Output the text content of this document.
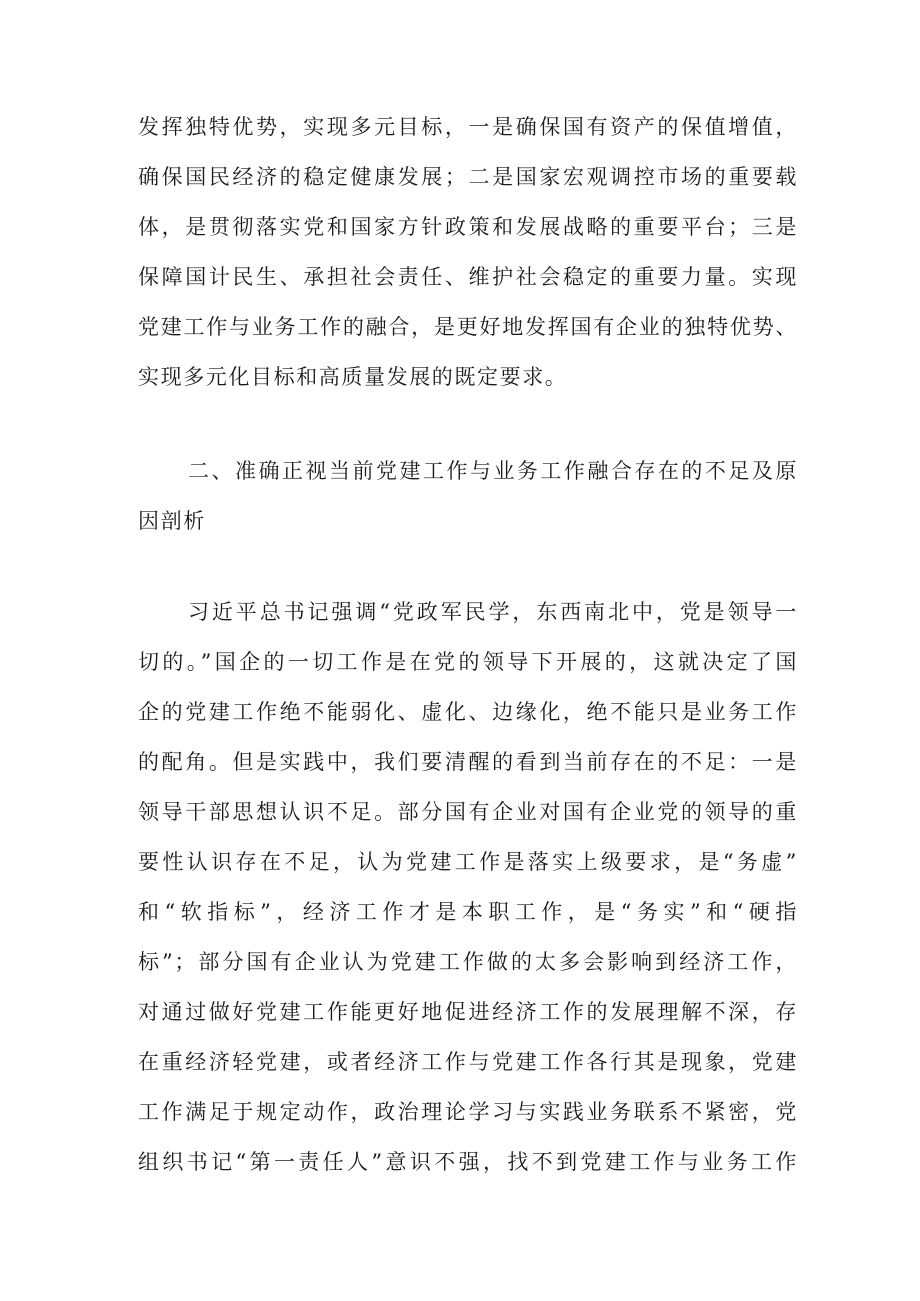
发挥独特优势，实现多元目标，一是确保国有资产的保值增值，
确保国民经济的稳定健康发展；二是国家宏观调控市场的重要载
体，是贯彻落实党和国家方针政策和发展战略的重要平台；三是
保障国计民生、承担社会责任、维护社会稳定的重要力量。实现
党建工作与业务工作的融合，是更好地发挥国有企业的独特优势、
实现多元化目标和高质量发展的既定要求。
二、准确正视当前党建工作与业务工作融合存在的不足及原
因剖析
习近平总书记强调“党政军民学，东西南北中，党是领导一
切的。”国企的一切工作是在党的领导下开展的，这就决定了国
企的党建工作绝不能弱化、虚化、边缘化，绝不能只是业务工作
的配角。但是实践中，我们要清醒的看到当前存在的不足：一是
领导干部思想认识不足。部分国有企业对国有企业党的领导的重
要性认识存在不足，认为党建工作是落实上级要求，是“务虚”
和“软指标”，经济工作才是本职工作，是“务实”和“硬指
标”；部分国有企业认为党建工作做的太多会影响到经济工作，
对通过做好党建工作能更好地促进经济工作的发展理解不深，存
在重经济轻党建，或者经济工作与党建工作各行其是现象，党建
工作满足于规定动作，政治理论学习与实践业务联系不紧密，党
组织书记“第一责任人”意识不强，找不到党建工作与业务工作
